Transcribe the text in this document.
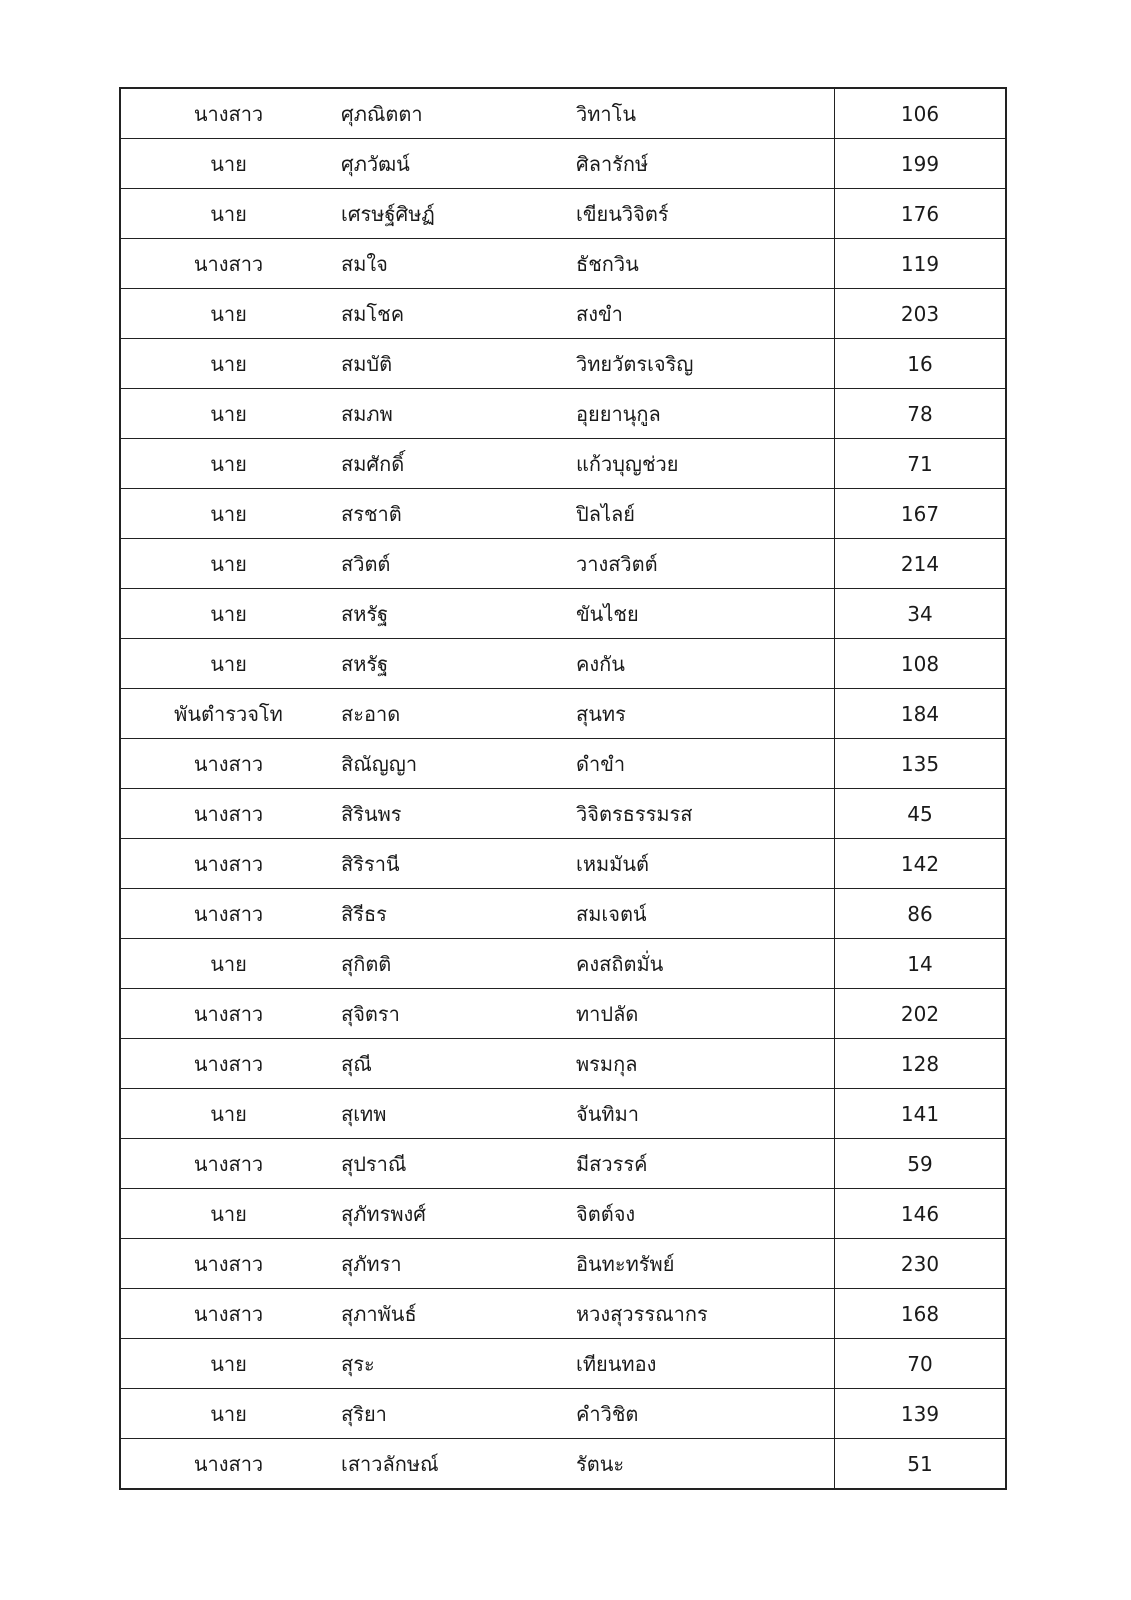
นางสาว	ศุภณิตตา	วิทาโน	106
นาย	ศุภวัฒน์	ศิลารักษ์	199
นาย	เศรษฐ์ศิษฏ์	เขียนวิจิตร์	176
นางสาว	สมใจ	ธัชกวิน	119
นาย	สมโชค	สงขำ	203
นาย	สมบัติ	วิทยวัตรเจริญ	16
นาย	สมภพ	อุยยานุกูล	78
นาย	สมศักดิ์	แก้วบุญช่วย	71
นาย	สรชาติ	ปิลไลย์	167
นาย	สวิตต์	วางสวิตต์	214
นาย	สหรัฐ	ขันไชย	34
นาย	สหรัฐ	คงกัน	108
พันตำรวจโท	สะอาด	สุนทร	184
นางสาว	สิณัญญา	ดำขำ	135
นางสาว	สิรินพร	วิจิตรธรรมรส	45
นางสาว	สิริรานี	เหมมันต์	142
นางสาว	สิรีธร	สมเจตน์	86
นาย	สุกิตติ	คงสถิตมั่น	14
นางสาว	สุจิตรา	ทาปลัด	202
นางสาว	สุณี	พรมกุล	128
นาย	สุเทพ	จันทิมา	141
นางสาว	สุปราณี	มีสวรรค์	59
นาย	สุภัทรพงศ์	จิตต์จง	146
นางสาว	สุภัทรา	อินทะทรัพย์	230
นางสาว	สุภาพันธ์	หวงสุวรรณากร	168
นาย	สุระ	เทียนทอง	70
นาย	สุริยา	คำวิชิต	139
นางสาว	เสาวลักษณ์	รัตนะ	51
